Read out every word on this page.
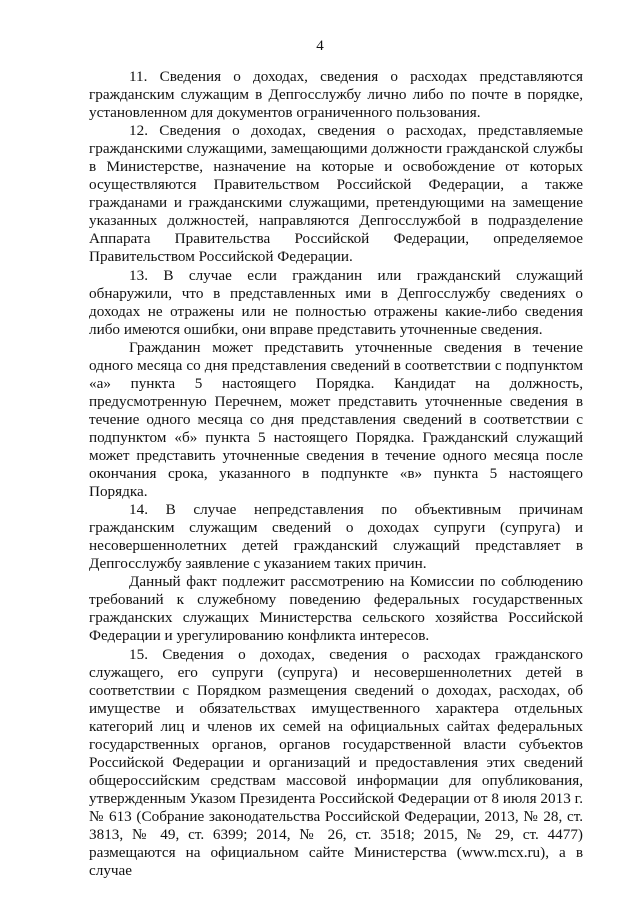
4

11. Сведения о доходах, сведения о расходах представляются гражданским служащим в Депгосслужбу лично либо по почте в порядке, установленном для документов ограниченного пользования.

12. Сведения о доходах, сведения о расходах, представляемые гражданскими служащими, замещающими должности гражданской службы в Министерстве, назначение на которые и освобождение от которых осуществляются Правительством Российской Федерации, а также гражданами и гражданскими служащими, претендующими на замещение указанных должностей, направляются Депгосслужбой в подразделение Аппарата Правительства Российской Федерации, определяемое Правительством Российской Федерации.

13. В случае если гражданин или гражданский служащий обнаружили, что в представленных ими в Депгосслужбу сведениях о доходах не отражены или не полностью отражены какие-либо сведения либо имеются ошибки, они вправе представить уточненные сведения.

Гражданин может представить уточненные сведения в течение одного месяца со дня представления сведений в соответствии с подпунктом «а» пункта 5 настоящего Порядка. Кандидат на должность, предусмотренную Перечнем, может представить уточненные сведения в течение одного месяца со дня представления сведений в соответствии с подпунктом «б» пункта 5 настоящего Порядка. Гражданский служащий может представить уточненные сведения в течение одного месяца после окончания срока, указанного в подпункте «в» пункта 5 настоящего Порядка.

14. В случае непредставления по объективным причинам гражданским служащим сведений о доходах супруги (супруга) и несовершеннолетних детей гражданский служащий представляет в Депгосслужбу заявление с указанием таких причин.

Данный факт подлежит рассмотрению на Комиссии по соблюдению требований к служебному поведению федеральных государственных гражданских служащих Министерства сельского хозяйства Российской Федерации и урегулированию конфликта интересов.

15. Сведения о доходах, сведения о расходах гражданского служащего, его супруги (супруга) и несовершеннолетних детей в соответствии с Порядком размещения сведений о доходах, расходах, об имуществе и обязательствах имущественного характера отдельных категорий лиц и членов их семей на официальных сайтах федеральных государственных органов, органов государственной власти субъектов Российской Федерации и организаций и предоставления этих сведений общероссийским средствам массовой информации для опубликования, утвержденным Указом Президента Российской Федерации от 8 июля 2013 г. № 613 (Собрание законодательства Российской Федерации, 2013, № 28, ст. 3813, № 49, ст. 6399; 2014, № 26, ст. 3518; 2015, № 29, ст. 4477) размещаются на официальном сайте Министерства (www.mcx.ru), а в случае
